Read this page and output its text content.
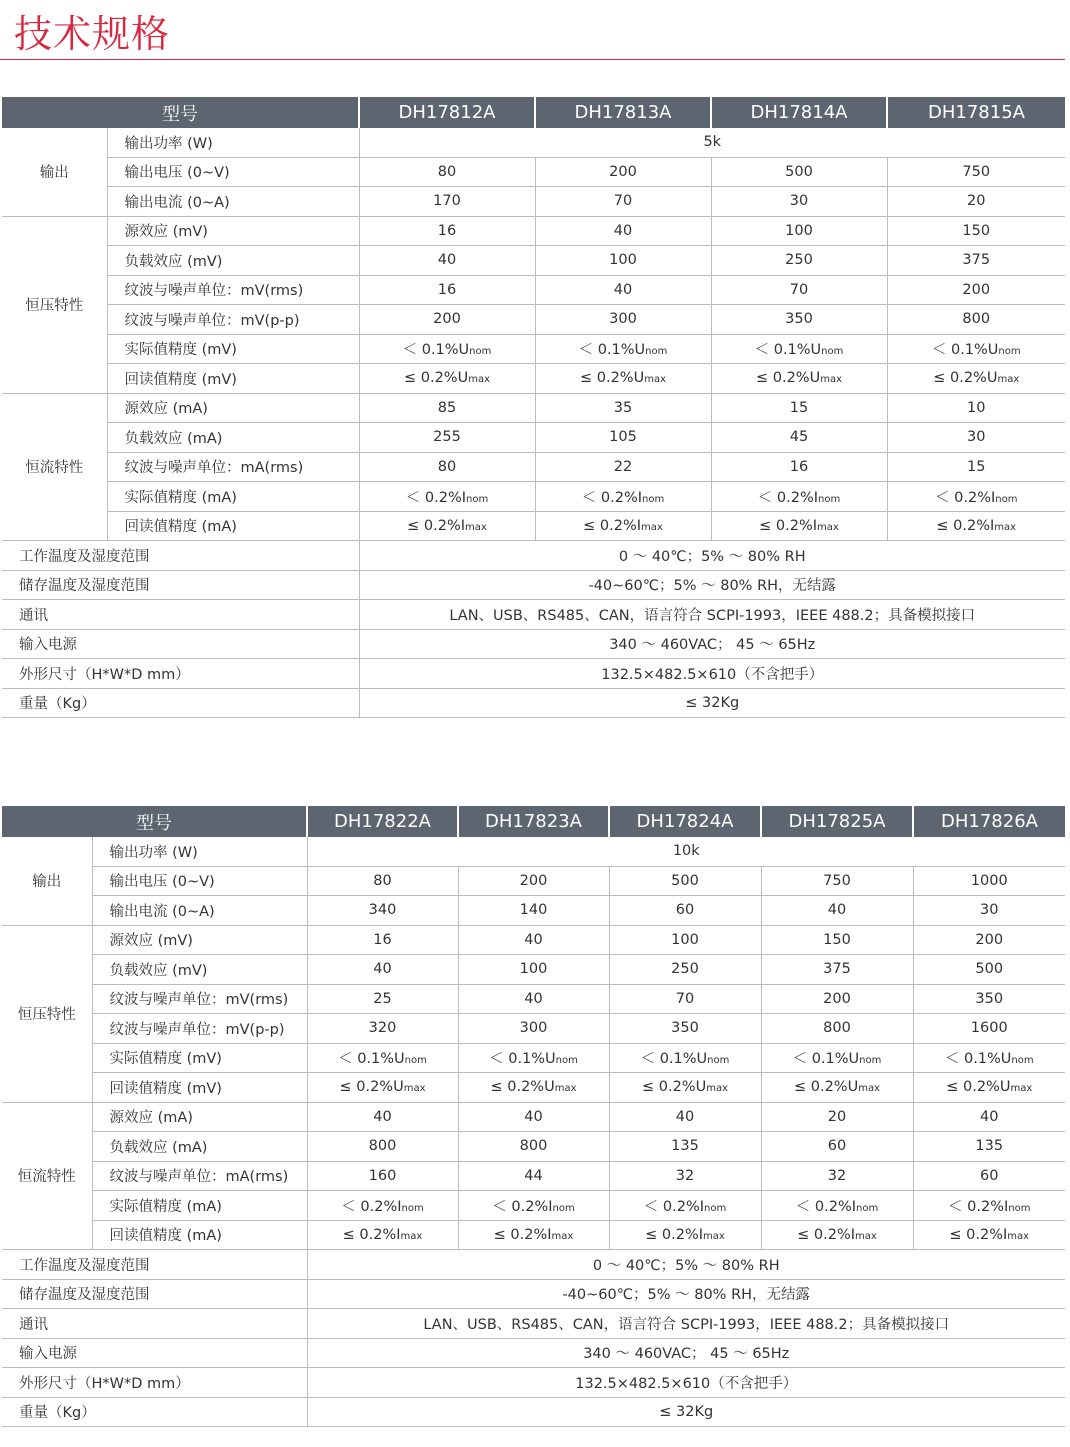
技术规格
型号		DH17812A	DH17813A	DH17814A	DH17815A
输出	输出功率 (W)	5k			
	输出电压 (0~V)	80	200	500	750
	输出电流 (0~A)	170	70	30	20
恒压特性	源效应 (mV)	16	40	100	150
	负载效应 (mV)	40	100	250	375
	纹波与噪声单位：mV(rms)	16	40	70	200
	纹波与噪声单位：mV(p-p)	200	300	350	800
	实际值精度 (mV)	＜ 0.1%Unom	＜ 0.1%Unom	＜ 0.1%Unom	＜ 0.1%Unom
	回读值精度 (mV)	≤ 0.2%Umax	≤ 0.2%Umax	≤ 0.2%Umax	≤ 0.2%Umax
恒流特性	源效应 (mA)	85	35	15	10
	负载效应 (mA)	255	105	45	30
	纹波与噪声单位：mA(rms)	80	22	16	15
	实际值精度 (mA)	＜ 0.2%Inom	＜ 0.2%Inom	＜ 0.2%Inom	＜ 0.2%Inom
	回读值精度 (mA)	≤ 0.2%Imax	≤ 0.2%Imax	≤ 0.2%Imax	≤ 0.2%Imax
工作温度及湿度范围		0 ～ 40℃；5% ～ 80% RH			
储存温度及湿度范围		-40~60℃；5% ～ 80% RH，无结露			
通讯		LAN、USB、RS485、CAN，语言符合 SCPI-1993，IEEE 488.2；具备模拟接口			
输入电源		340 ～ 460VAC； 45 ～ 65Hz			
外形尺寸（H*W*D mm）		132.5×482.5×610（不含把手）			
重量（Kg）		≤ 32Kg			
型号		DH17822A	DH17823A	DH17824A	DH17825A	DH17826A
输出	输出功率 (W)	10k				
	输出电压 (0~V)	80	200	500	750	1000
	输出电流 (0~A)	340	140	60	40	30
恒压特性	源效应 (mV)	16	40	100	150	200
	负载效应 (mV)	40	100	250	375	500
	纹波与噪声单位：mV(rms)	25	40	70	200	350
	纹波与噪声单位：mV(p-p)	320	300	350	800	1600
	实际值精度 (mV)	＜ 0.1%Unom	＜ 0.1%Unom	＜ 0.1%Unom	＜ 0.1%Unom	＜ 0.1%Unom
	回读值精度 (mV)	≤ 0.2%Umax	≤ 0.2%Umax	≤ 0.2%Umax	≤ 0.2%Umax	≤ 0.2%Umax
恒流特性	源效应 (mA)	40	40	40	20	40
	负载效应 (mA)	800	800	135	60	135
	纹波与噪声单位：mA(rms)	160	44	32	32	60
	实际值精度 (mA)	＜ 0.2%Inom	＜ 0.2%Inom	＜ 0.2%Inom	＜ 0.2%Inom	＜ 0.2%Inom
	回读值精度 (mA)	≤ 0.2%Imax	≤ 0.2%Imax	≤ 0.2%Imax	≤ 0.2%Imax	≤ 0.2%Imax
工作温度及湿度范围		0 ～ 40℃；5% ～ 80% RH				
储存温度及湿度范围		-40~60℃；5% ～ 80% RH，无结露				
通讯		LAN、USB、RS485、CAN，语言符合 SCPI-1993，IEEE 488.2；具备模拟接口				
输入电源		340 ～ 460VAC； 45 ～ 65Hz				
外形尺寸（H*W*D mm）		132.5×482.5×610（不含把手）				
重量（Kg）		≤ 32Kg				
